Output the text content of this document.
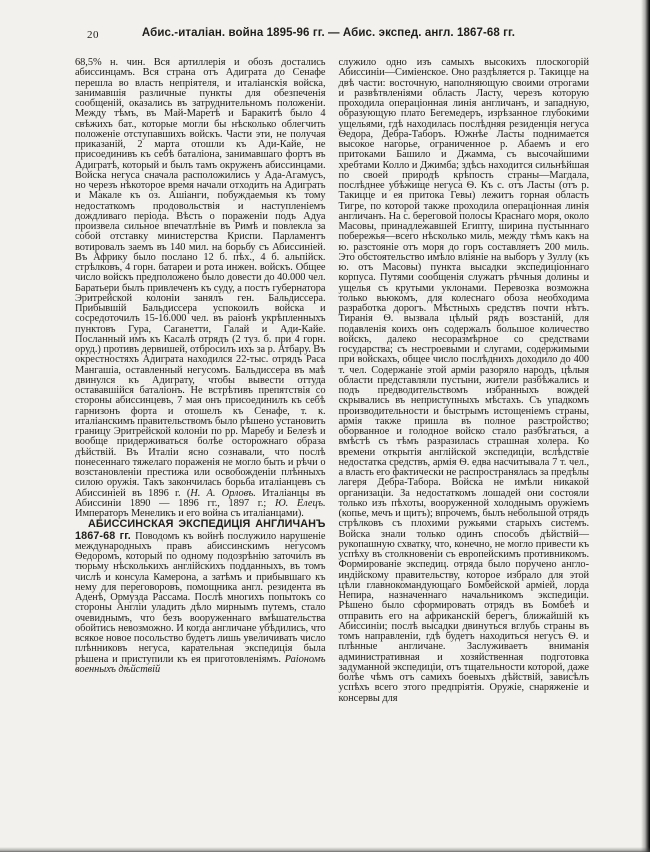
20	Абис.-италіан. война 1895-96 гг. — Абис. экспед. англ. 1867-68 гг.

68,5% н. чин. Вся артиллерія и обозъ достались абиссинцамъ. Вся страна отъ Адиграта до Сенафе перешла во власть непріятеля, и италіанскія войска, занимавшія различные пункты для обезпеченія сообщеній, оказались въ затруднительномъ положеніи. Между тѣмъ, въ Май-Маретѣ и Баракитѣ было 4 свѣжихъ бат., которые могли бы нѣсколько облегчить положеніе отступавшихъ войскъ. Части эти, не получая приказаній, 2 марта отошли къ Ади-Кайе, не присоединивъ къ себѣ баталіона, занимавшаго фортъ въ Адигратѣ, который и былъ тамъ окруженъ абиссинцами. Войска негуса сначала расположились у Ада-Агамусъ, но черезъ нѣкоторое время начали отходить на Адиграть и Макале къ оз. Ашіанги, побуждаемыя къ тому недостаткомъ продовольствія и наступленіемъ дождливаго періода. Вѣсть о пораженіи подъ Адуа произвела сильное впечатлѣніе въ Римѣ и повлекла за собой отставку министерства Криспи. Парламентъ вотировалъ заемъ въ 140 мил. на борьбу съ Абиссиніей. Въ Африку было послано 12 б. пѣх., 4 б. альпійск. стрѣлковъ, 4 горн. батареи и рота инжен. войскъ. Общее число войскъ предположено было довести до 40.000 чел. Баратьери былъ привлеченъ къ суду, а постъ губернатора Эритрейской колоніи занялъ ген. Бальдиссера. Прибывшій Бальдиссера успокоилъ войска и сосредоточилъ 15-16.000 чел. въ раіонѣ укрѣпленныхъ пунктовъ Гура, Саганетти, Галай и Ади-Кайе. Посланный имъ къ Касалѣ отрядъ (2 туз. б. при 4 горн. оруд.) противъ дервишей, отбросилъ ихъ за р. Атбару. Въ окрестностяхъ Адиграта находился 22-тыс. отрядъ Раса Мангашіа, оставленный негусомъ. Бальдиссера въ маѣ двинулся къ Адиграту, чтобы вывести оттуда остававшійся баталіонъ. Не встрѣтивъ препятствія со стороны абиссинцевъ, 7 мая онъ присоединилъ къ себѣ гарнизонъ форта и отошелъ къ Сенафе, т. к. италіанскимъ правительствомъ было рѣшено установить границу Эритрейской колоніи по рр. Маребу и Белезѣ и вообще придерживаться болѣе осторожнаго образа дѣйствій. Въ Италіи ясно сознавали, что послѣ понесеннаго тяжелаго пораженія не могло быть и рѣчи о возстановленіи престижа или освобожденіи плѣнныхъ силою оружія. Такъ закончилась борьба италіанцевъ съ Абиссиніей въ 1896 г. (Н. А. Орловъ. Италіанцы въ Абиссиніи 1890 — 1896 гг., 1897 г.; Ю. Елецъ. Императоръ Менеликъ и его война съ италіанцами).

АБИССИНСКАЯ ЭКСПЕДИЦІЯ АНГЛИЧАНЪ 1867-68 гг. Поводомъ къ войнѣ послужило нарушеніе международныхъ правъ абиссинскимъ негусомъ Ѳедоромъ, который по одному подозрѣнію заточилъ въ тюрьму нѣсколькихъ англійскихъ подданныхъ, въ томъ числѣ и консула Камерона, а затѣмъ и прибывшаго къ нему для переговоровъ, помощника англ. резидента въ Аденѣ, Ормузда Рассама. Послѣ многихъ попытокъ со стороны Англіи уладить дѣло мирнымъ путемъ, стало очевиднымъ, что безъ вооруженнаго вмѣшательства обойтись невозможно. И когда англичане убѣдились, что всякое новое посольство будетъ лишь увеличивать число плѣнниковъ негуса, карательная экспедиція была рѣшена и приступили къ ея приготовленіямъ. Раіономъ военныхъ дѣйствій

служило одно изъ самыхъ высокихъ плоскогорій Абиссиніи—Симіенское. Оно раздѣляется р. Такицце на двѣ части: восточную, наполняющую своими отрогами и развѣтвленіями область Ласту, черезъ которую проходила операціонная линія англичанъ, и западную, образующую плато Бегемедеръ, изрѣзанное глубокими ущельями, гдѣ находилась послѣдняя резиденція негуса Ѳедора, Дебра-Таборъ. Южнѣе Ласты поднимается высокое нагорье, ограниченное р. Абаемъ и его притоками Башило и Джамма, съ высочайшими хребтами Колло и Джимба; здѣсь находится сильнѣйшая по своей природѣ крѣпость страны—Магдала, послѣднее убѣжище негуса Ѳ. Къ с. отъ Ласты (отъ р. Такицце и ея притока Гевы) лежитъ горная область Тигре, по которой также проходила операціонная линія англичанъ. На с. береговой полосы Краснаго моря, около Масовы, принадлежавшей Египту, ширина пустыннаго побережья—всего нѣсколько миль, между тѣмъ какъ на ю. разстояніе отъ моря до горъ составляетъ 200 миль. Это обстоятельство имѣло вліяніе на выборъ у Зуллу (къ ю. отъ Масовы) пункта высадки экспедиціоннаго корпуса. Путями сообщенія служатъ рѣчныя долины и ущелья съ крутыми уклонами. Перевозка возможна только вьюкомъ, для колеснаго обоза необходима разработка дорогъ. Мѣстныхъ средствъ почти нѣтъ. Тиранія Ѳ. вызвала цѣлый рядъ возстаній, для подавленія коихъ онъ содержалъ большое количество войскъ, далеко несоразмѣрное со средствами государства; съ нестроевыми и слугами, содержимыми при войскахъ, общее число послѣднихъ доходило до 400 т. чел. Содержаніе этой арміи разоряло народъ, цѣлыя области представляли пустыни, жители разбѣжались и подъ предводительствомъ избранныхъ вождей скрывались въ неприступныхъ мѣстахъ. Съ упадкомъ производительности и быстрымъ истощеніемъ страны, армія также пришла въ полное разстройство; оборванное и голодное войско стало разбѣгаться, а вмѣстѣ съ тѣмъ разразилась страшная холера. Ко времени открытія англійской экспедиціи, вслѣдствіе недостатка средствъ, армія Ѳ. едва насчитывала 7 т. чел., а власть его фактически не распространялась за предѣлы лагеря Дебра-Табора. Войска не имѣли никакой организаціи. За недостаткомъ лошадей они состояли только изъ пѣхоты, вооруженной холоднымъ оружіемъ (копье, мечъ и щитъ); впрочемъ, былъ небольшой отрядъ стрѣлковъ съ плохими ружьями старыхъ системъ. Войска знали только одинъ способъ дѣйствій—рукопашную схватку, что, конечно, не могло привести къ успѣху въ столкновеніи съ европейскимъ противникомъ. Формированіе экспедиц. отряда было поручено англо-индійскому правительству, которое избрало для этой цѣли главнокомандующаго Бомбейской арміей, лорда Непира, назначеннаго начальникомъ экспедиціи. Рѣшено было сформировать отрядъ въ Бомбеѣ и отправить его на африканскій берегъ, ближайшій къ Абиссиніи; послѣ высадки двинуться вглубь страны въ томъ направленіи, гдѣ будетъ находиться негусъ Ѳ. и плѣнные англичане. Заслуживаетъ вниманія административная и хозяйственная подготовка задуманной экспедиціи, отъ тщательности которой, даже болѣе чѣмъ отъ самихъ боевыхъ дѣйствій, зависѣлъ успѣхъ всего этого предпріятія. Оружіе, снаряженіе и консервы для
